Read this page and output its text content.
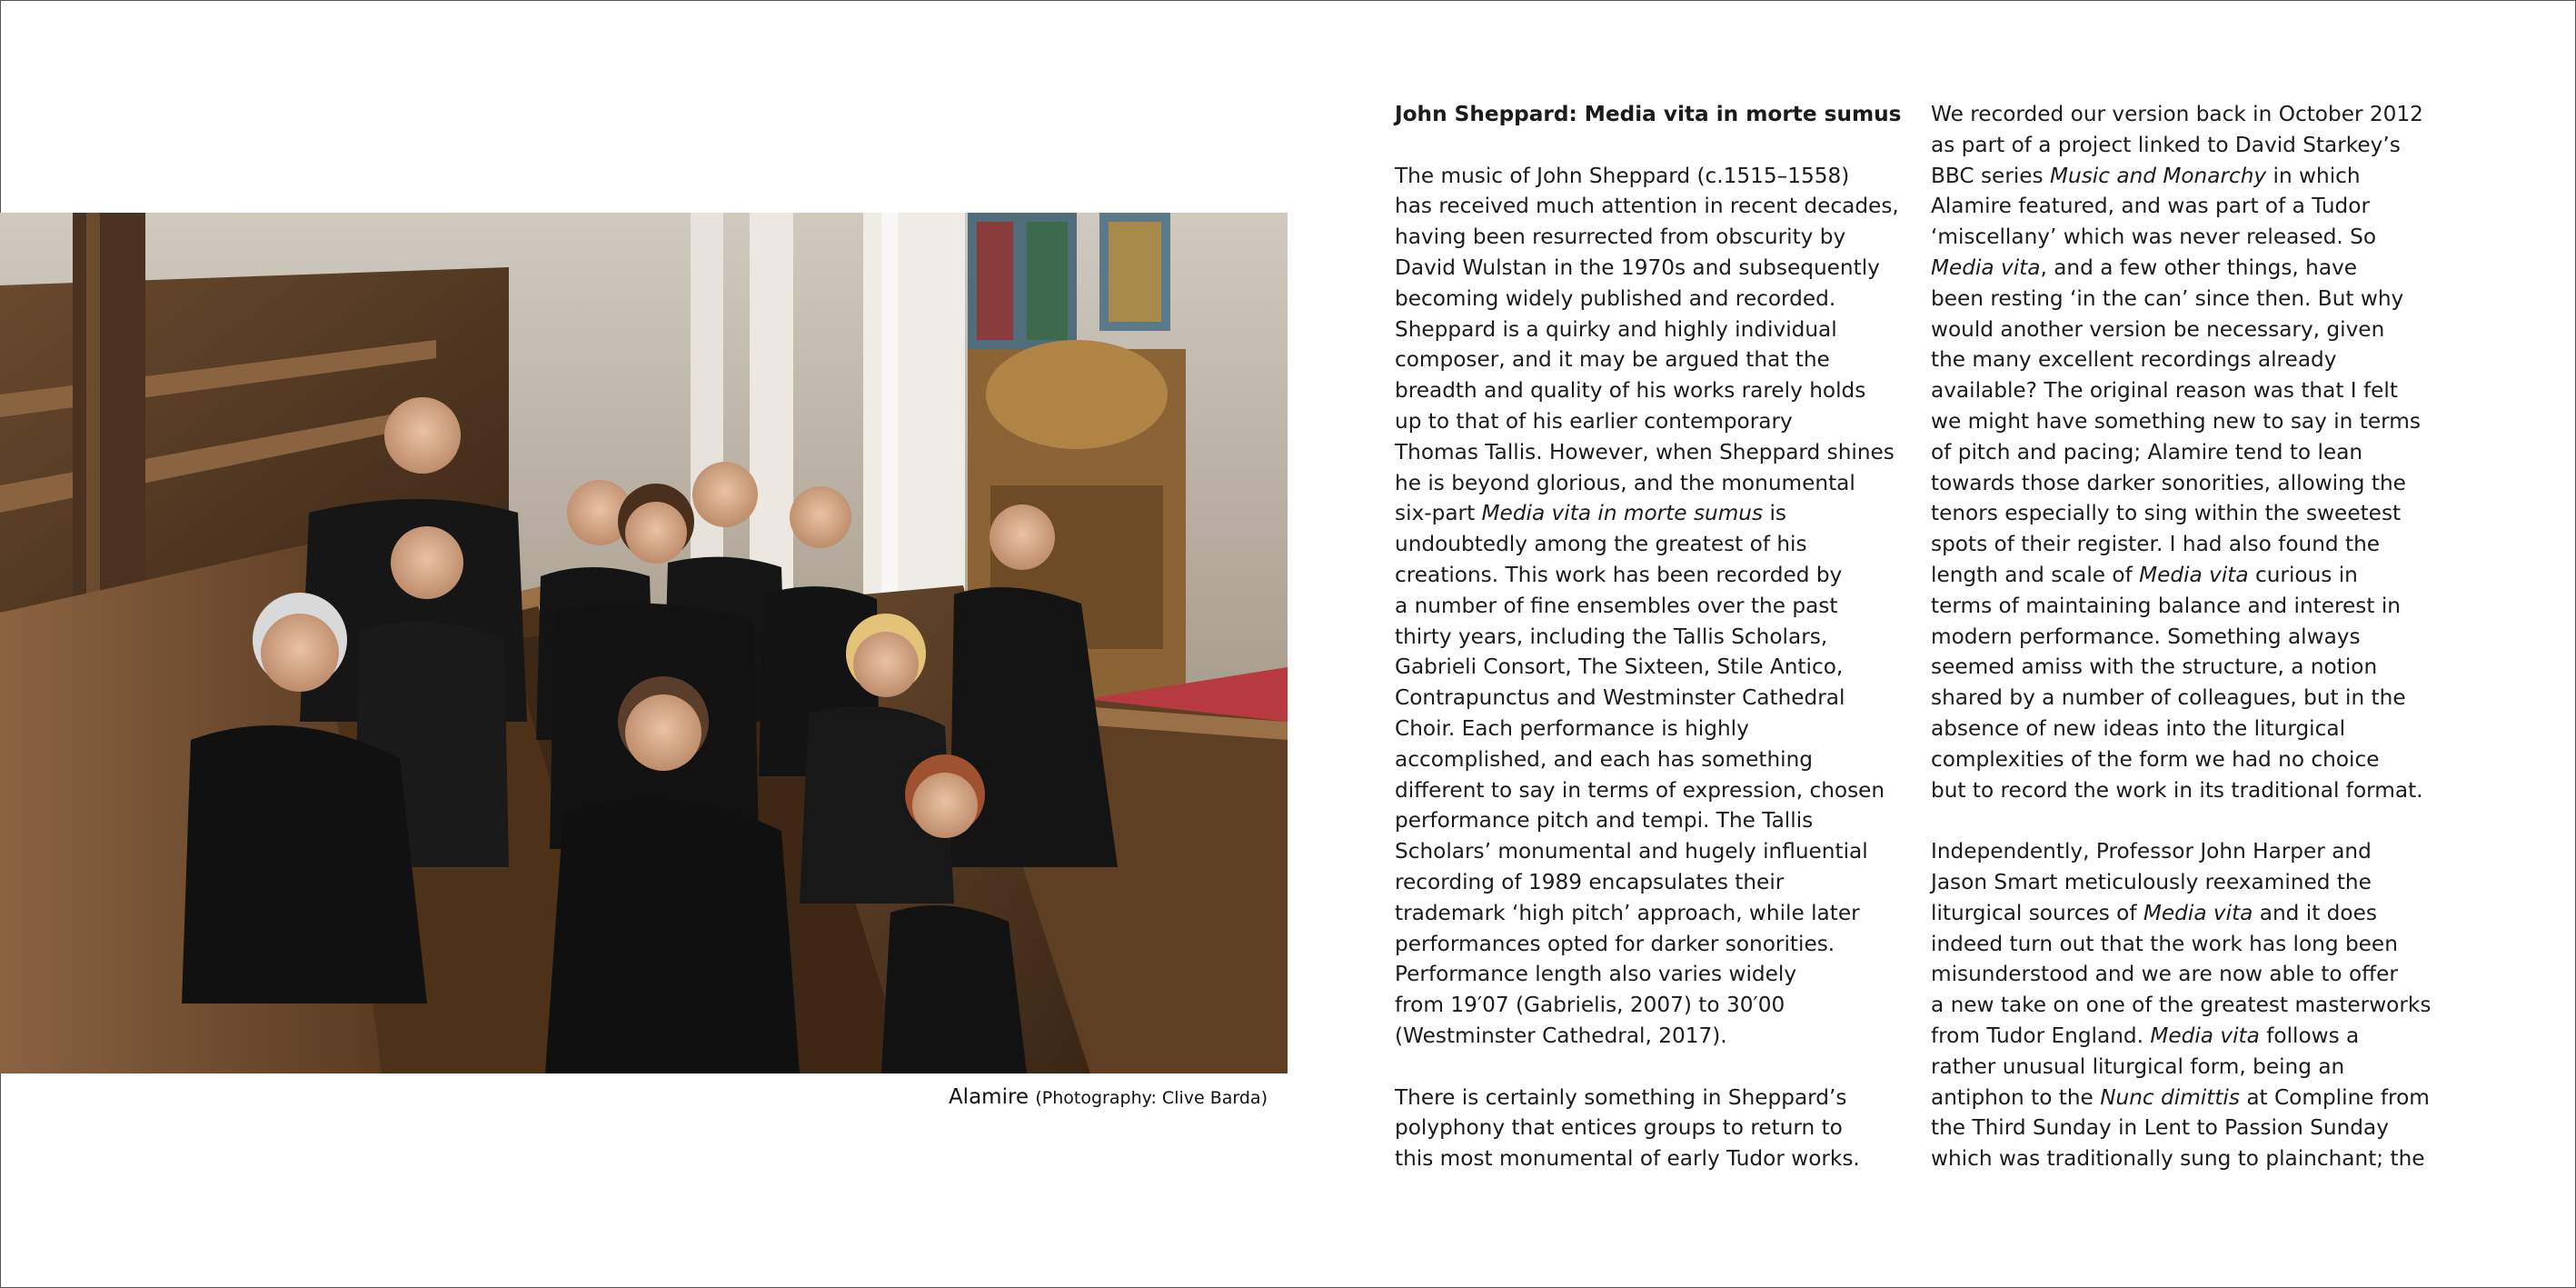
Alamire (Photography: Clive Barda)

John Sheppard: Media vita in morte sumus

The music of John Sheppard (c.1515–1558)
has received much attention in recent decades,
having been resurrected from obscurity by
David Wulstan in the 1970s and subsequently
becoming widely published and recorded.
Sheppard is a quirky and highly individual
composer, and it may be argued that the
breadth and quality of his works rarely holds
up to that of his earlier contemporary
Thomas Tallis. However, when Sheppard shines
he is beyond glorious, and the monumental
six-part Media vita in morte sumus is
undoubtedly among the greatest of his
creations. This work has been recorded by
a number of fine ensembles over the past
thirty years, including the Tallis Scholars,
Gabrieli Consort, The Sixteen, Stile Antico,
Contrapunctus and Westminster Cathedral
Choir. Each performance is highly
accomplished, and each has something
different to say in terms of expression, chosen
performance pitch and tempi. The Tallis
Scholars’ monumental and hugely influential
recording of 1989 encapsulates their
trademark ‘high pitch’ approach, while later
performances opted for darker sonorities.
Performance length also varies widely
from 19′07 (Gabrielis, 2007) to 30′00
(Westminster Cathedral, 2017).

There is certainly something in Sheppard’s
polyphony that entices groups to return to
this most monumental of early Tudor works.

We recorded our version back in October 2012
as part of a project linked to David Starkey’s
BBC series Music and Monarchy in which
Alamire featured, and was part of a Tudor
‘miscellany’ which was never released. So
Media vita, and a few other things, have
been resting ‘in the can’ since then. But why
would another version be necessary, given
the many excellent recordings already
available? The original reason was that I felt
we might have something new to say in terms
of pitch and pacing; Alamire tend to lean
towards those darker sonorities, allowing the
tenors especially to sing within the sweetest
spots of their register. I had also found the
length and scale of Media vita curious in
terms of maintaining balance and interest in
modern performance. Something always
seemed amiss with the structure, a notion
shared by a number of colleagues, but in the
absence of new ideas into the liturgical
complexities of the form we had no choice
but to record the work in its traditional format.

Independently, Professor John Harper and
Jason Smart meticulously reexamined the
liturgical sources of Media vita and it does
indeed turn out that the work has long been
misunderstood and we are now able to offer
a new take on one of the greatest masterworks
from Tudor England. Media vita follows a
rather unusual liturgical form, being an
antiphon to the Nunc dimittis at Compline from
the Third Sunday in Lent to Passion Sunday
which was traditionally sung to plainchant; the
